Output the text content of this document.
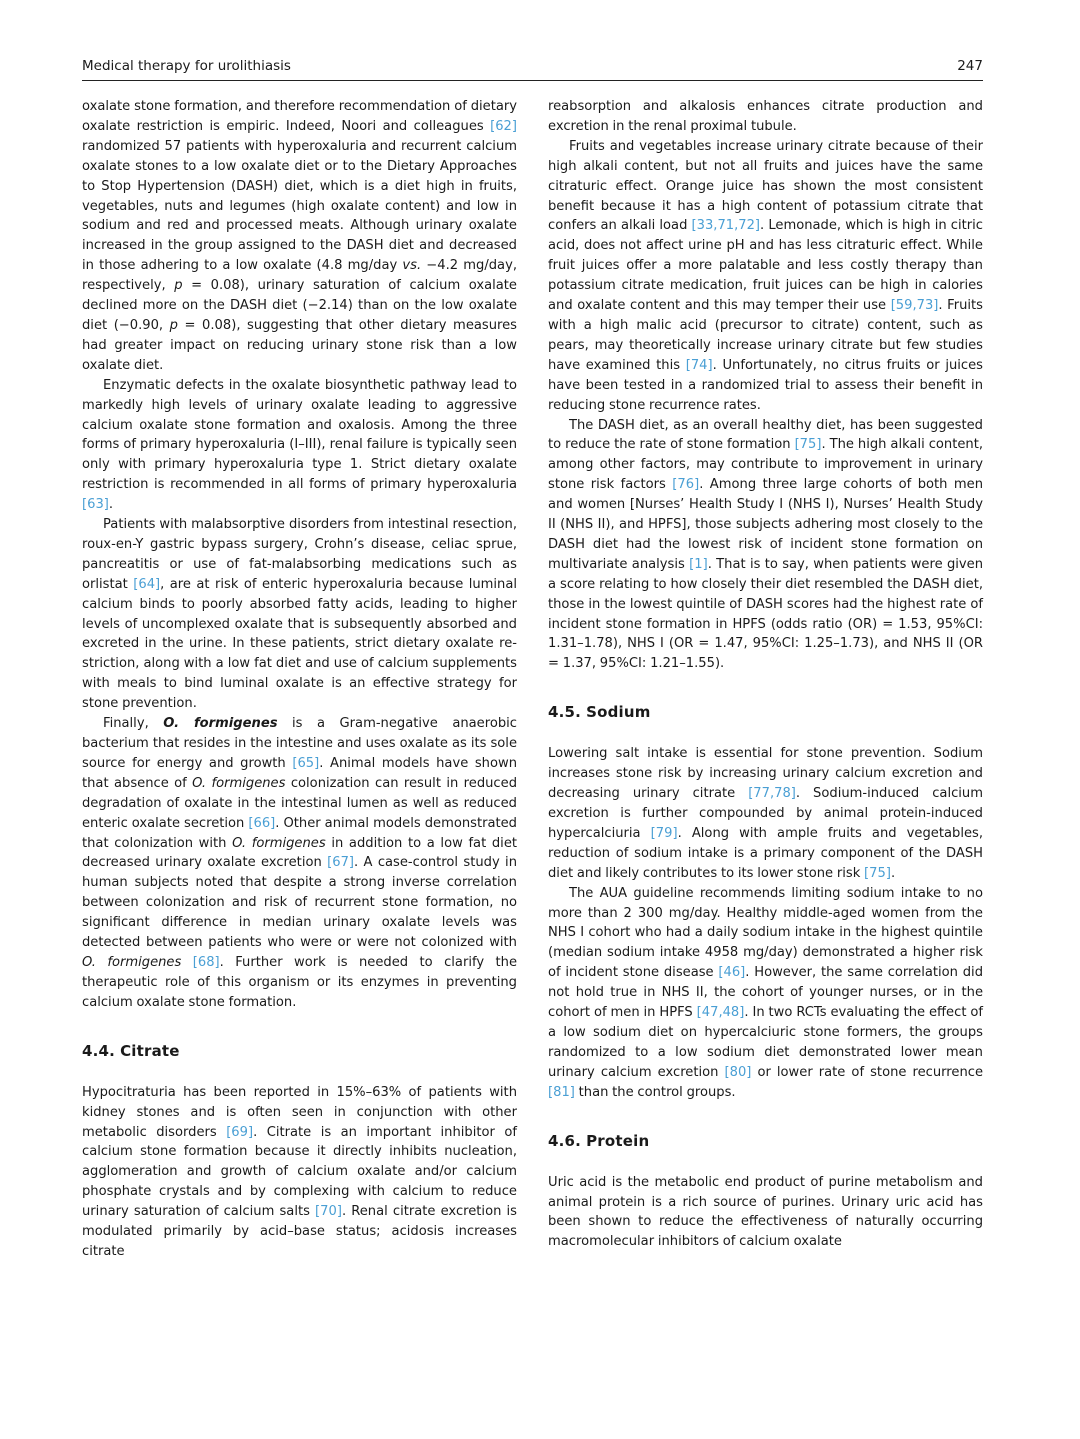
Medical therapy for urolithiasis	247

oxalate stone formation, and therefore recommendation of dietary oxalate restriction is empiric. Indeed, Noori and colleagues [62] randomized 57 patients with hyperoxaluria and recurrent calcium oxalate stones to a low oxalate diet or to the Dietary Approaches to Stop Hypertension (DASH) diet, which is a diet high in fruits, vegetables, nuts and legumes (high oxalate content) and low in sodium and red and processed meats. Although urinary oxalate increased in the group assigned to the DASH diet and decreased in those adhering to a low oxalate (4.8 mg/day vs. −4.2 mg/day, respectively, p = 0.08), urinary saturation of calcium oxalate declined more on the DASH diet (−2.14) than on the low oxalate diet (−0.90, p = 0.08), suggesting that other dietary measures had greater impact on reducing urinary stone risk than a low oxalate diet.

Enzymatic defects in the oxalate biosynthetic pathway lead to markedly high levels of urinary oxalate leading to aggressive calcium oxalate stone formation and oxalosis. Among the three forms of primary hyperoxaluria (I–III), renal failure is typically seen only with primary hyperoxaluria type 1. Strict dietary oxalate restriction is recommended in all forms of primary hyperoxaluria [63].

Patients with malabsorptive disorders from intestinal resection, roux-en-Y gastric bypass surgery, Crohn’s disease, celiac sprue, pancreatitis or use of fat-malabsorbing medications such as orlistat [64], are at risk of enteric hyperoxaluria because luminal calcium binds to poorly absorbed fatty acids, leading to higher levels of uncomplexed oxalate that is subsequently absorbed and excreted in the urine. In these patients, strict dietary oxalate restriction, along with a low fat diet and use of calcium supplements with meals to bind luminal oxalate is an effective strategy for stone prevention.

Finally, O. formigenes is a Gram-negative anaerobic bacterium that resides in the intestine and uses oxalate as its sole source for energy and growth [65]. Animal models have shown that absence of O. formigenes colonization can result in reduced degradation of oxalate in the intestinal lumen as well as reduced enteric oxalate secretion [66]. Other animal models demonstrated that colonization with O. formigenes in addition to a low fat diet decreased urinary oxalate excretion [67]. A case-control study in human subjects noted that despite a strong inverse correlation between colonization and risk of recurrent stone formation, no significant difference in median urinary oxalate levels was detected between patients who were or were not colonized with O. formigenes [68]. Further work is needed to clarify the therapeutic role of this organism or its enzymes in preventing calcium oxalate stone formation.

4.4. Citrate

Hypocitraturia has been reported in 15%–63% of patients with kidney stones and is often seen in conjunction with other metabolic disorders [69]. Citrate is an important inhibitor of calcium stone formation because it directly inhibits nucleation, agglomeration and growth of calcium oxalate and/or calcium phosphate crystals and by complexing with calcium to reduce urinary saturation of calcium salts [70]. Renal citrate excretion is modulated primarily by acid–base status; acidosis increases citrate

reabsorption and alkalosis enhances citrate production and excretion in the renal proximal tubule.

Fruits and vegetables increase urinary citrate because of their high alkali content, but not all fruits and juices have the same citraturic effect. Orange juice has shown the most consistent benefit because it has a high content of potassium citrate that confers an alkali load [33,71,72]. Lemonade, which is high in citric acid, does not affect urine pH and has less citraturic effect. While fruit juices offer a more palatable and less costly therapy than potassium citrate medication, fruit juices can be high in calories and oxalate content and this may temper their use [59,73]. Fruits with a high malic acid (precursor to citrate) content, such as pears, may theoretically increase urinary citrate but few studies have examined this [74]. Unfortunately, no citrus fruits or juices have been tested in a randomized trial to assess their benefit in reducing stone recurrence rates.

The DASH diet, as an overall healthy diet, has been suggested to reduce the rate of stone formation [75]. The high alkali content, among other factors, may contribute to improvement in urinary stone risk factors [76]. Among three large cohorts of both men and women [Nurses’ Health Study I (NHS I), Nurses’ Health Study II (NHS II), and HPFS], those subjects adhering most closely to the DASH diet had the lowest risk of incident stone formation on multivariate analysis [1]. That is to say, when patients were given a score relating to how closely their diet resembled the DASH diet, those in the lowest quintile of DASH scores had the highest rate of incident stone formation in HPFS (odds ratio (OR) = 1.53, 95%CI: 1.31–1.78), NHS I (OR = 1.47, 95%CI: 1.25–1.73), and NHS II (OR = 1.37, 95%CI: 1.21–1.55).

4.5. Sodium

Lowering salt intake is essential for stone prevention. Sodium increases stone risk by increasing urinary calcium excretion and decreasing urinary citrate [77,78]. Sodium-induced calcium excretion is further compounded by animal protein-induced hypercalciuria [79]. Along with ample fruits and vegetables, reduction of sodium intake is a primary component of the DASH diet and likely contributes to its lower stone risk [75].

The AUA guideline recommends limiting sodium intake to no more than 2 300 mg/day. Healthy middle-aged women from the NHS I cohort who had a daily sodium intake in the highest quintile (median sodium intake 4958 mg/day) demonstrated a higher risk of incident stone disease [46]. However, the same correlation did not hold true in NHS II, the cohort of younger nurses, or in the cohort of men in HPFS [47,48]. In two RCTs evaluating the effect of a low sodium diet on hypercalciuric stone formers, the groups randomized to a low sodium diet demonstrated lower mean urinary calcium excretion [80] or lower rate of stone recurrence [81] than the control groups.

4.6. Protein

Uric acid is the metabolic end product of purine metabolism and animal protein is a rich source of purines. Urinary uric acid has been shown to reduce the effectiveness of naturally occurring macromolecular inhibitors of calcium oxalate
